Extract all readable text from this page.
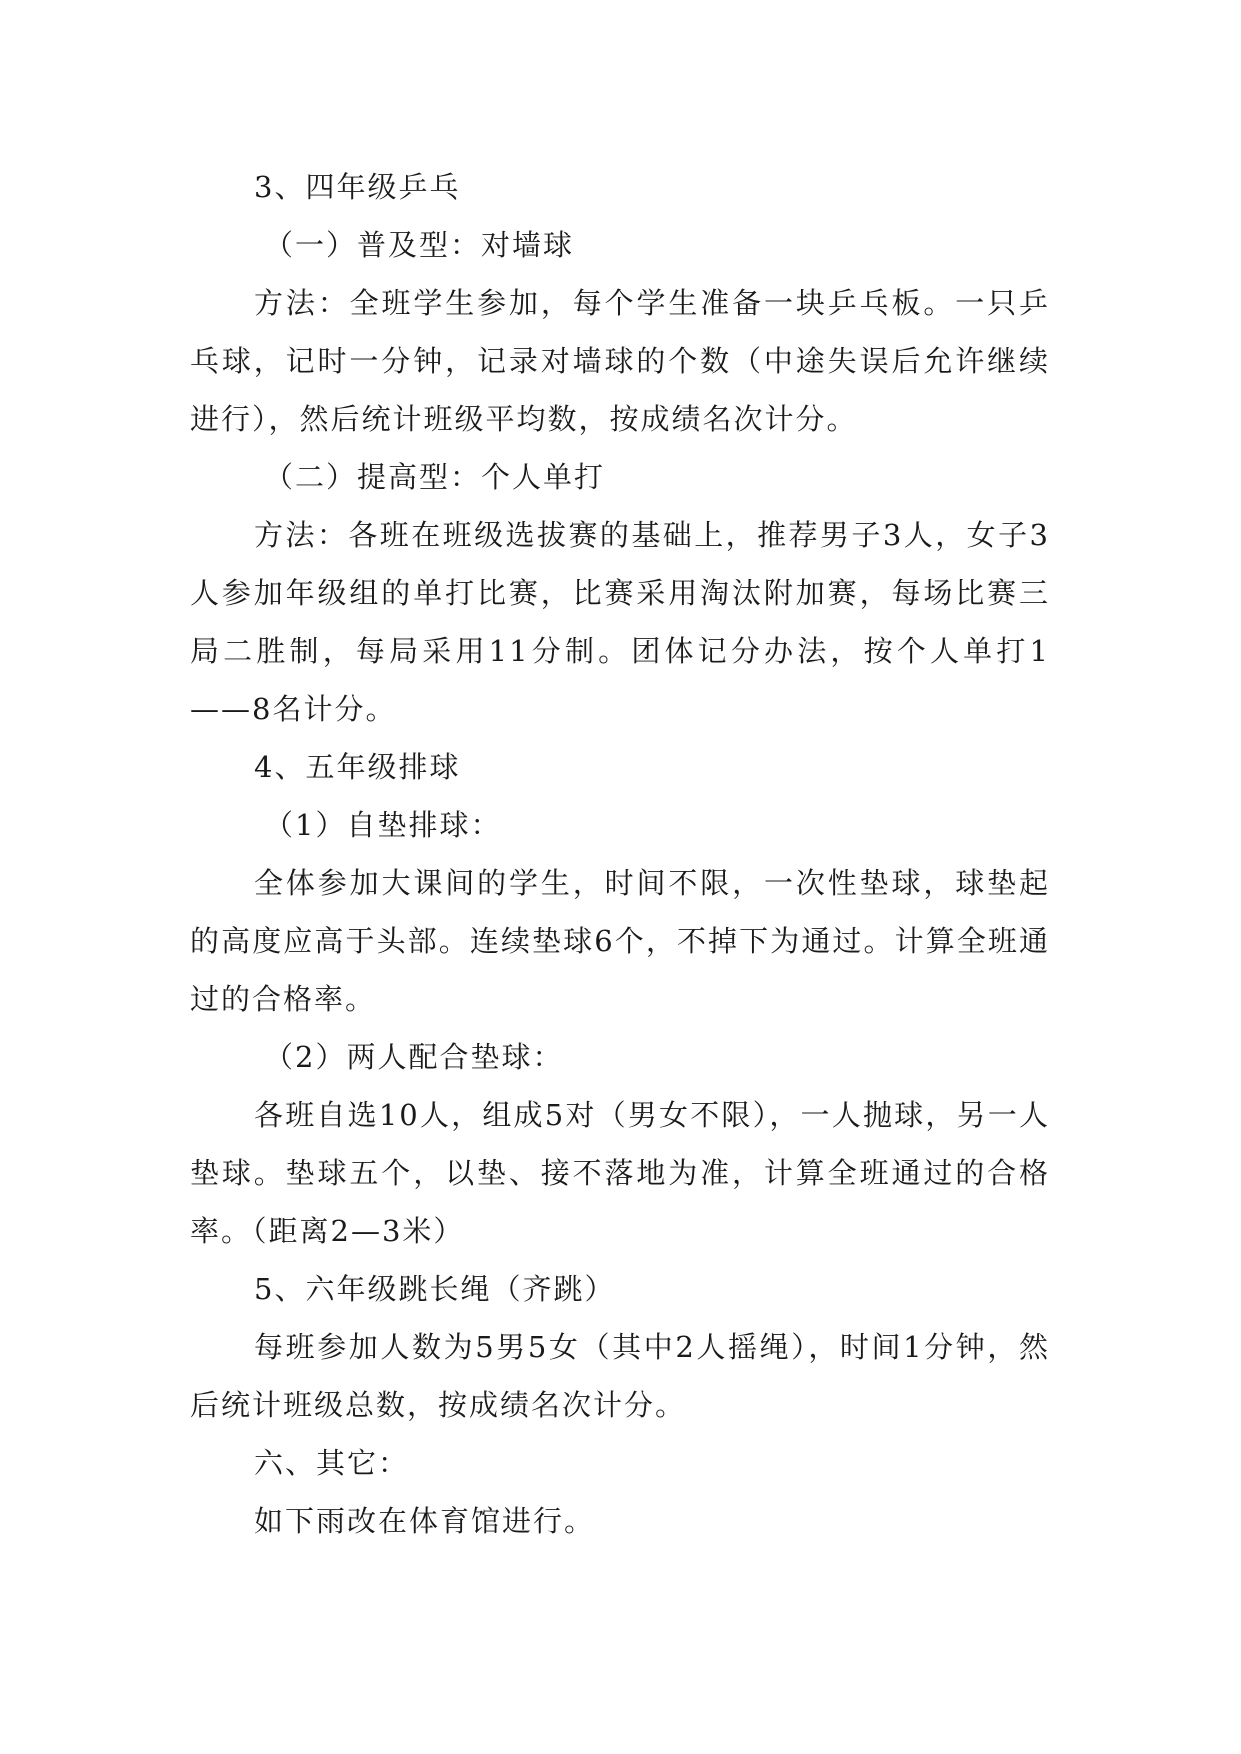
3、四年级乒乓

（一）普及型：对墙球

方法：全班学生参加，每个学生准备一块乒乓板。一只乒乓球，记时一分钟，记录对墙球的个数（中途失误后允许继续进行），然后统计班级平均数，按成绩名次计分。

（二）提高型：个人单打

方法：各班在班级选拔赛的基础上，推荐男子3人，女子3人参加年级组的单打比赛，比赛采用淘汰附加赛，每场比赛三局二胜制，每局采用11分制。团体记分办法，按个人单打1——8名计分。

4、五年级排球

（1）自垫排球：

全体参加大课间的学生，时间不限，一次性垫球，球垫起的高度应高于头部。连续垫球6个，不掉下为通过。计算全班通过的合格率。

（2）两人配合垫球：

各班自选10人，组成5对（男女不限），一人抛球，另一人垫球。垫球五个，以垫、接不落地为准，计算全班通过的合格率。（距离2—3米）

5、六年级跳长绳（齐跳）

每班参加人数为5男5女（其中2人摇绳），时间1分钟，然后统计班级总数，按成绩名次计分。

六、其它：

如下雨改在体育馆进行。
